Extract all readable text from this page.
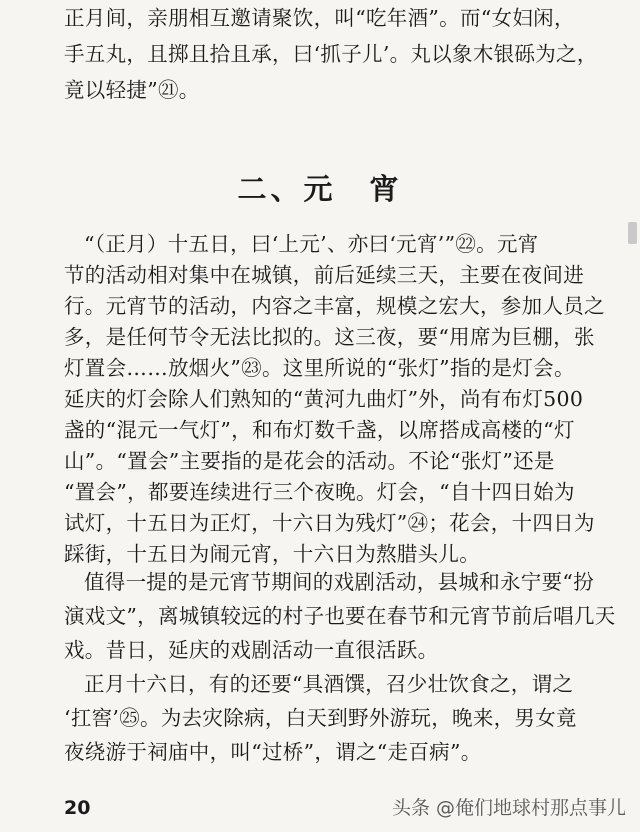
正月间，亲朋相互邀请聚饮，叫“吃年酒”。而“女妇闲，
手五丸，且掷且拾且承，曰‘抓子儿’。丸以象木银砾为之，
竟以轻捷”㉑。
二、元　宵
“（正月）十五日，曰‘上元’、亦曰‘元宵’”㉒。元宵
节的活动相对集中在城镇，前后延续三天，主要在夜间进
行。元宵节的活动，内容之丰富，规模之宏大，参加人员之
多，是任何节令无法比拟的。这三夜，要“用席为巨棚，张
灯置会……放烟火”㉓。这里所说的“张灯”指的是灯会。
延庆的灯会除人们熟知的“黄河九曲灯”外，尚有布灯500
盏的“混元一气灯”，和布灯数千盏，以席搭成高楼的“灯
山”。“置会”主要指的是花会的活动。不论“张灯”还是
“置会”，都要连续进行三个夜晚。灯会，“自十四日始为
试灯，十五日为正灯，十六日为残灯”㉔；花会，十四日为
踩街，十五日为闹元宵，十六日为熬腊头儿。
值得一提的是元宵节期间的戏剧活动，县城和永宁要“扮
演戏文”，离城镇较远的村子也要在春节和元宵节前后唱几天
戏。昔日，延庆的戏剧活动一直很活跃。
正月十六日，有的还要“具酒馔，召少壮饮食之，谓之
‘扛窖’㉕。为去灾除病，白天到野外游玩，晚来，男女竟
20	头条 @俺们地球村那点事儿
夜绕游于祠庙中，叫“过桥”，谓之“走百病”。
